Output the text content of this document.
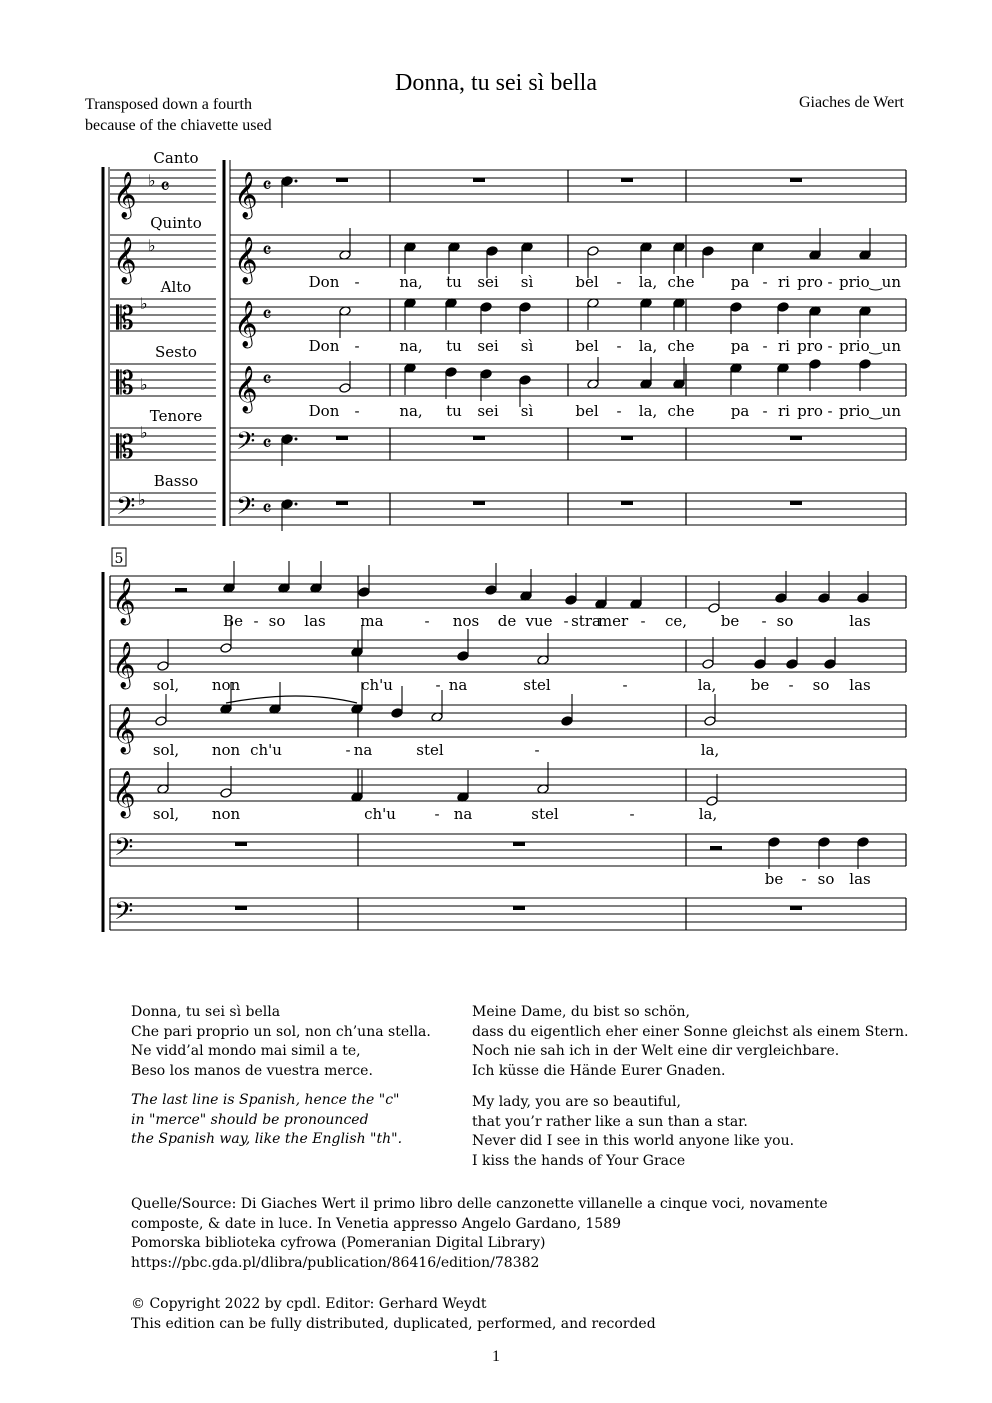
Donna, tu sei sì bella
Transposed down a fourth
because of the chiavette used
Giaches de Wert
Canto
Quinto
Alto
Sesto
Tenore
Basso
𝄞 ♭ 𝄴
𝄞 ♭
𝄡 ♭
𝄡 ♭
𝄡 ♭
𝄢 ♭
𝄞 𝄴
𝄞 𝄴
𝄞 𝄴
𝄞 𝄴
𝄢 𝄴
𝄢 𝄴
Don -	na, tu sei sì	bel - la, che pa - ri pro - prio‿un
Don -	na, tu sei sì	bel - la, che pa - ri pro - prio‿un
Don -	na, tu sei sì	bel - la, che pa - ri pro - prio‿un
5
𝄞
𝄞
𝄞
𝄞
𝄢
𝄢
Be - so las ma	- nos de vue - stra
mer - ce, be - so	las
sol, non	ch'u	- na	stel	-	la, be - so las
sol, non ch'u	- na	stel	-	la,
sol, non	ch'u	- na	stel	-	la,
be - so las
Donna, tu sei sì bella
Che pari proprio un sol, non ch’una stella.
Ne vidd’al mondo mai simil a te,
Beso los manos de vuestra merce.
The last line is Spanish, hence the "c"
in "merce" should be pronounced
the Spanish way, like the English "th".
Meine Dame, du bist so schön,
dass du eigentlich eher einer Sonne gleichst als einem Stern.
Noch nie sah ich in der Welt eine dir vergleichbare.
Ich küsse die Hände Eurer Gnaden.
My lady, you are so beautiful,
that you’r rather like a sun than a star.
Never did I see in this world anyone like you.
I kiss the hands of Your Grace
Quelle/Source: Di Giaches Wert il primo libro delle canzonette villanelle a cinque voci, novamente
composte, & date in luce. In Venetia appresso Angelo Gardano, 1589
Pomorska biblioteka cyfrowa (Pomeranian Digital Library)
https://pbc.gda.pl/dlibra/publication/86416/edition/78382
© Copyright 2022 by cpdl. Editor: Gerhard Weydt
This edition can be fully distributed, duplicated, performed, and recorded
1
